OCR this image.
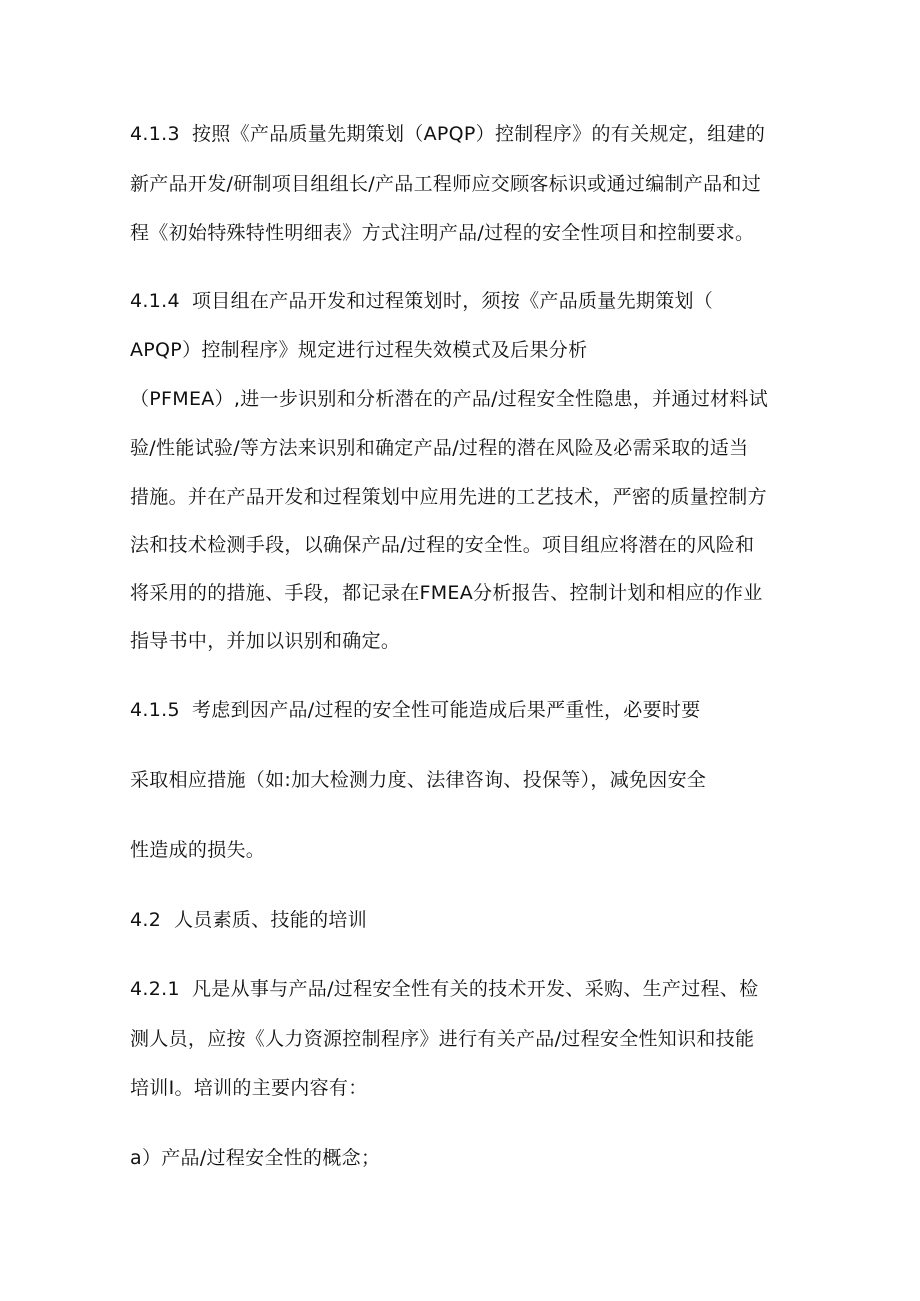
4.1.3 按照《产品质量先期策划（APQP）控制程序》的有关规定，组建的
新产品开发/研制项目组组长/产品工程师应交顾客标识或通过编制产品和过
程《初始特殊特性明细表》方式注明产品/过程的安全性项目和控制要求。
4.1.4 项目组在产品开发和过程策划时，须按《产品质量先期策划（
APQP）控制程序》规定进行过程失效模式及后果分析
（PFMEA）,进一步识别和分析潜在的产品/过程安全性隐患，并通过材料试
验/性能试验/等方法来识别和确定产品/过程的潜在风险及必需采取的适当
措施。并在产品开发和过程策划中应用先进的工艺技术，严密的质量控制方
法和技术检测手段，以确保产品/过程的安全性。项目组应将潜在的风险和
将采用的的措施、手段，都记录在FMEA分析报告、控制计划和相应的作业
指导书中，并加以识别和确定。
4.1.5 考虑到因产品/过程的安全性可能造成后果严重性，必要时要
采取相应措施（如:加大检测力度、法律咨询、投保等），减免因安全
性造成的损失。
4.2 人员素质、技能的培训
4.2.1 凡是从事与产品/过程安全性有关的技术开发、采购、生产过程、检
测人员，应按《人力资源控制程序》进行有关产品/过程安全性知识和技能
培训I。培训的主要内容有：
a）产品/过程安全性的概念；
